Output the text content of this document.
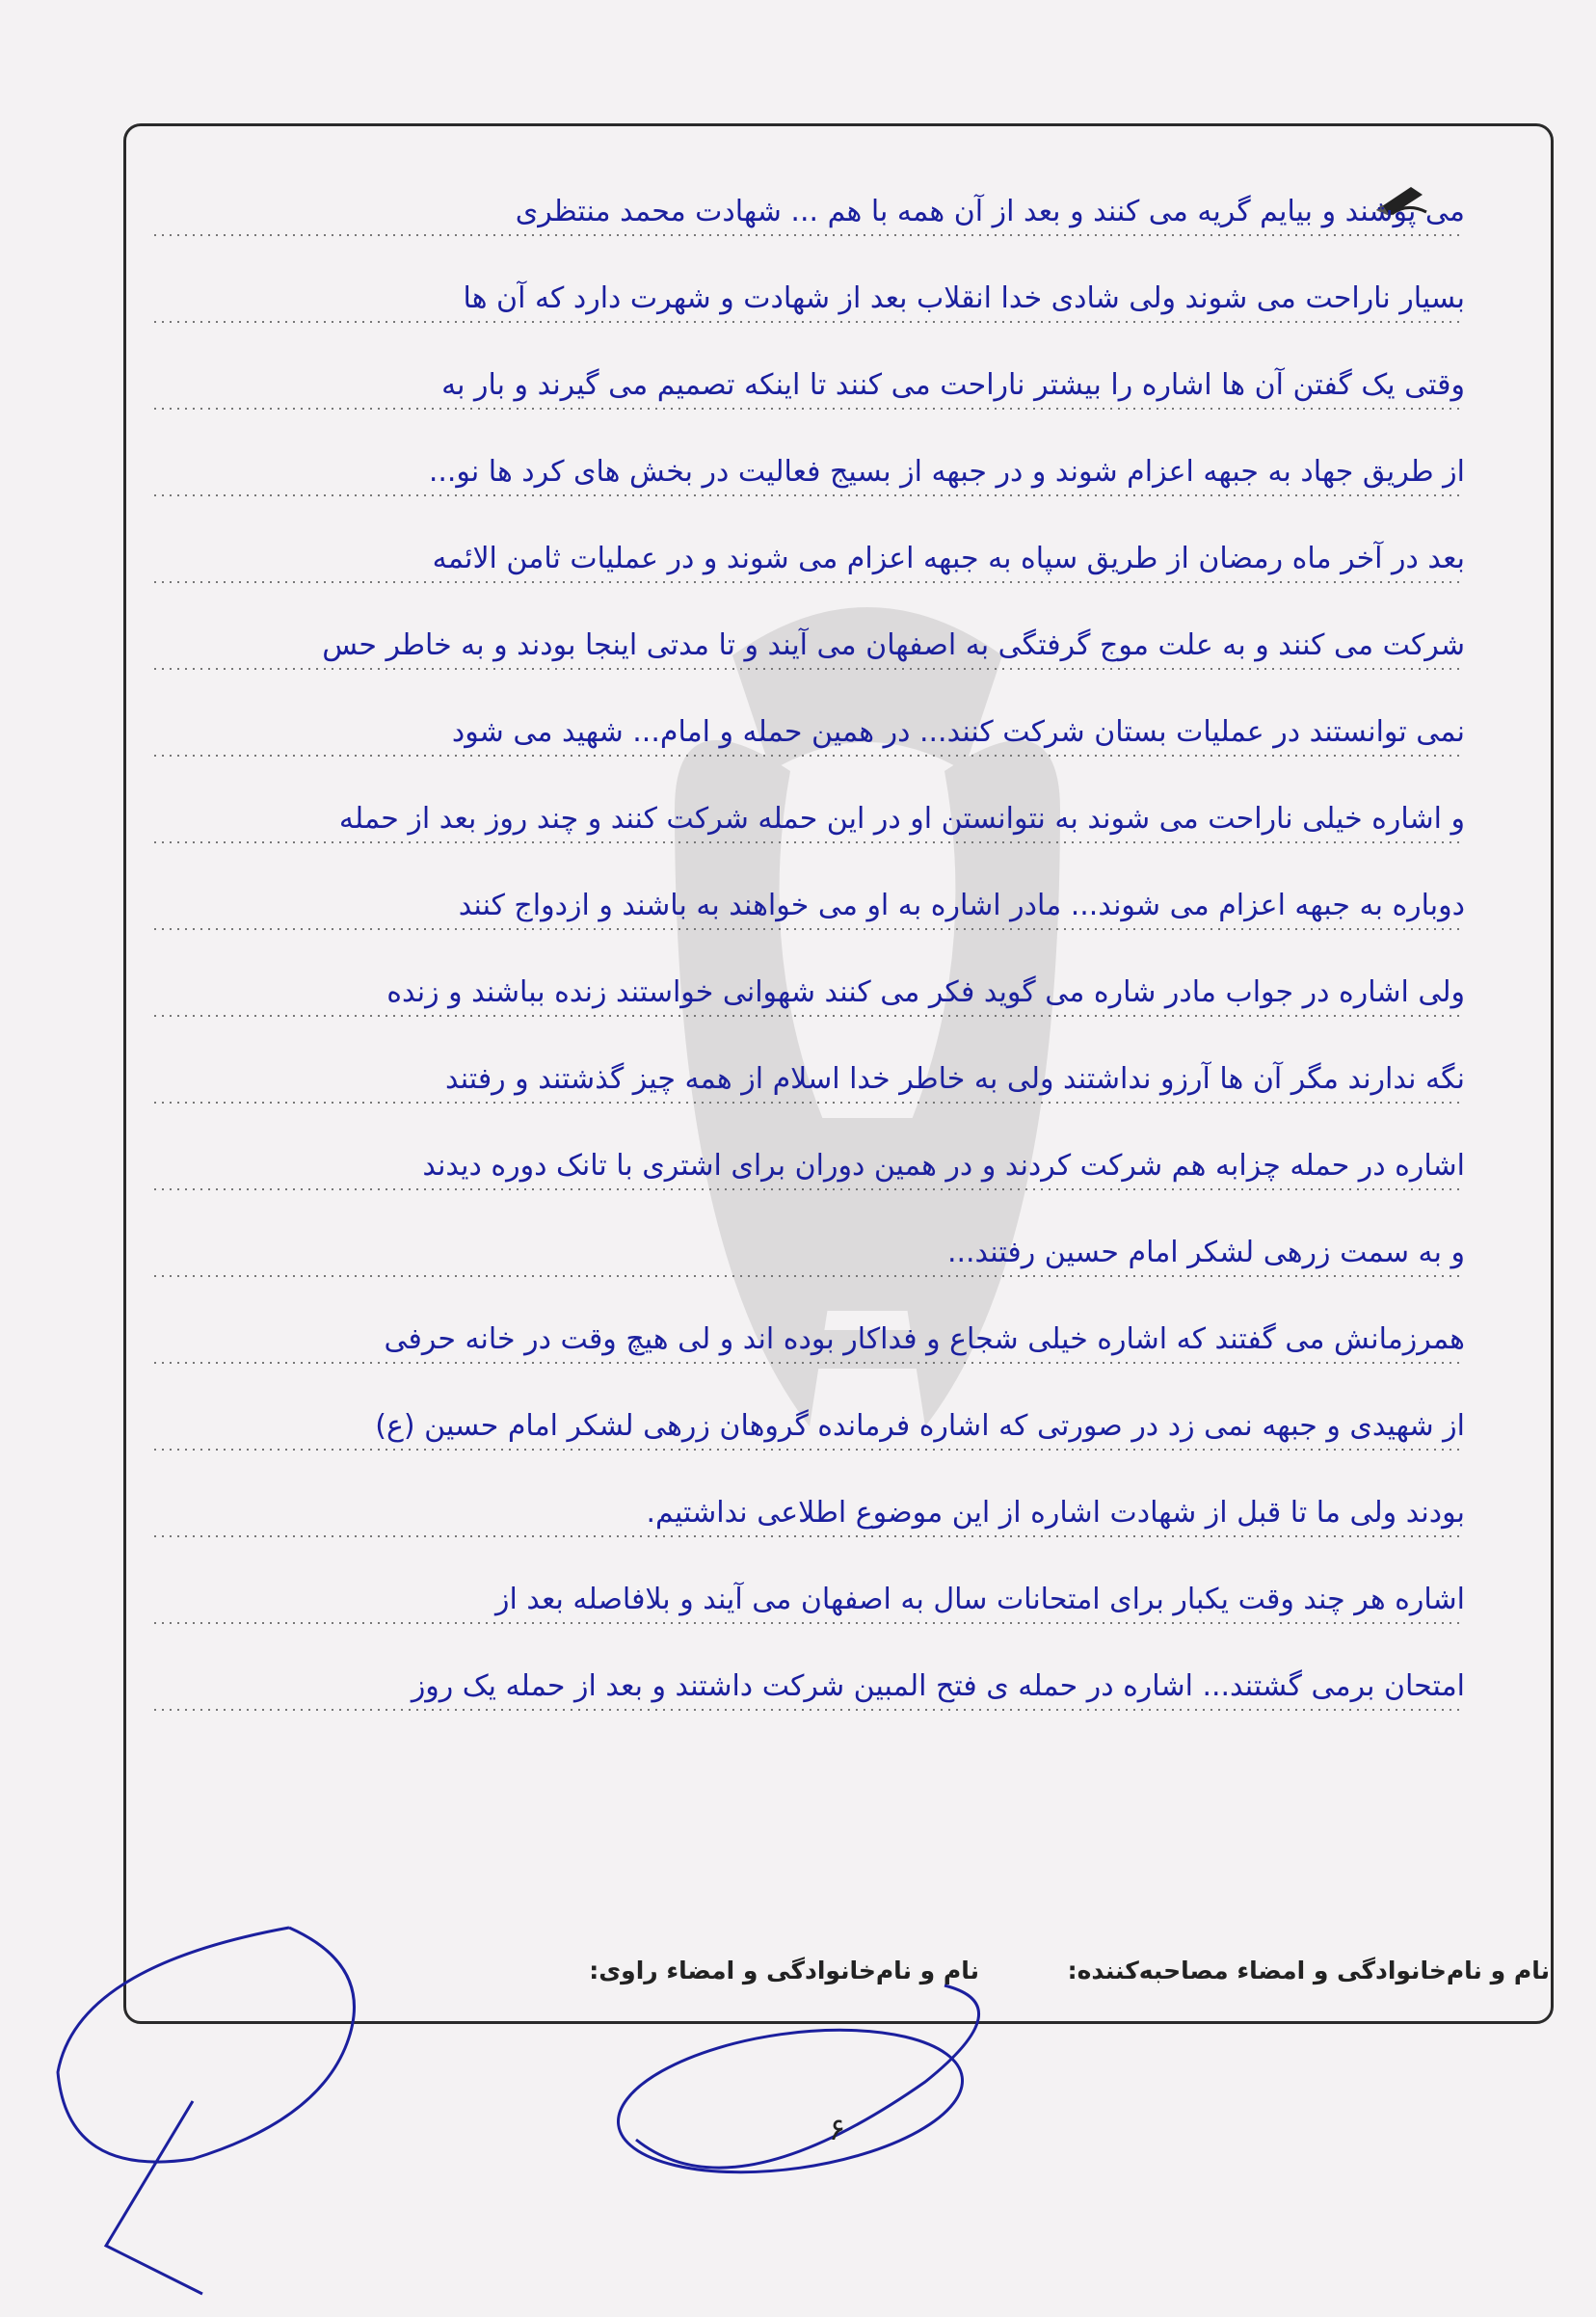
می پوشند و بیایم گریه می کنند و بعد از آن همه با هم ... شهادت محمد منتظری
بسیار ناراحت می شوند ولی شادی خدا انقلاب بعد از شهادت و شهرت دارد که آن ها
وقتی یک گفتن آن ها اشاره را بیشتر ناراحت می کنند تا اینکه تصمیم می گیرند و بار به
از طریق جهاد به جبهه اعزام شوند و در جبهه از بسیج فعالیت در بخش های کرد ها نو...
بعد در آخر ماه رمضان از طریق سپاه به جبهه اعزام می شوند و در عملیات ثامن الائمه
شرکت می کنند و به علت موج گرفتگی به اصفهان می آیند و تا مدتی اینجا بودند و به خاطر حس
نمی توانستند در عملیات بستان شرکت کنند... در همین حمله و امام... شهید می شود
و اشاره خیلی ناراحت می شوند به نتوانستن او در این حمله شرکت کنند و چند روز بعد از حمله
دوباره به جبهه اعزام می شوند... مادر اشاره به او می خواهند به باشند و ازدواج کنند
ولی اشاره در جواب مادر شاره می گوید فکر می کنند شهوانی خواستند زنده بباشند و زنده
نگه ندارند مگر آن ها آرزو نداشتند ولی به خاطر خدا اسلام از همه چیز گذشتند و رفتند
اشاره در حمله چزابه هم شرکت کردند و در همین دوران برای اشتری با تانک دوره دیدند
و به سمت زرهی لشکر امام حسین رفتند...
همرزمانش می گفتند که اشاره خیلی شجاع و فداکار بوده اند و لی هیچ وقت در خانه حرفی
از شهیدی و جبهه نمی زد در صورتی که اشاره فرمانده گروهان زرهی لشکر امام حسین (ع)
بودند ولی ما تا قبل از شهادت اشاره از این موضوع اطلاعی نداشتیم.
اشاره هر چند وقت یکبار برای امتحانات سال به اصفهان می آیند و بلافاصله بعد از
امتحان برمی گشتند... اشاره در حمله ی فتح المبین شرکت داشتند و بعد از حمله یک روز
نام و نام‌خانوادگی و امضاء مصاحبه‌کننده:
نام و نام‌خانوادگی و امضاء راوی:
۶
